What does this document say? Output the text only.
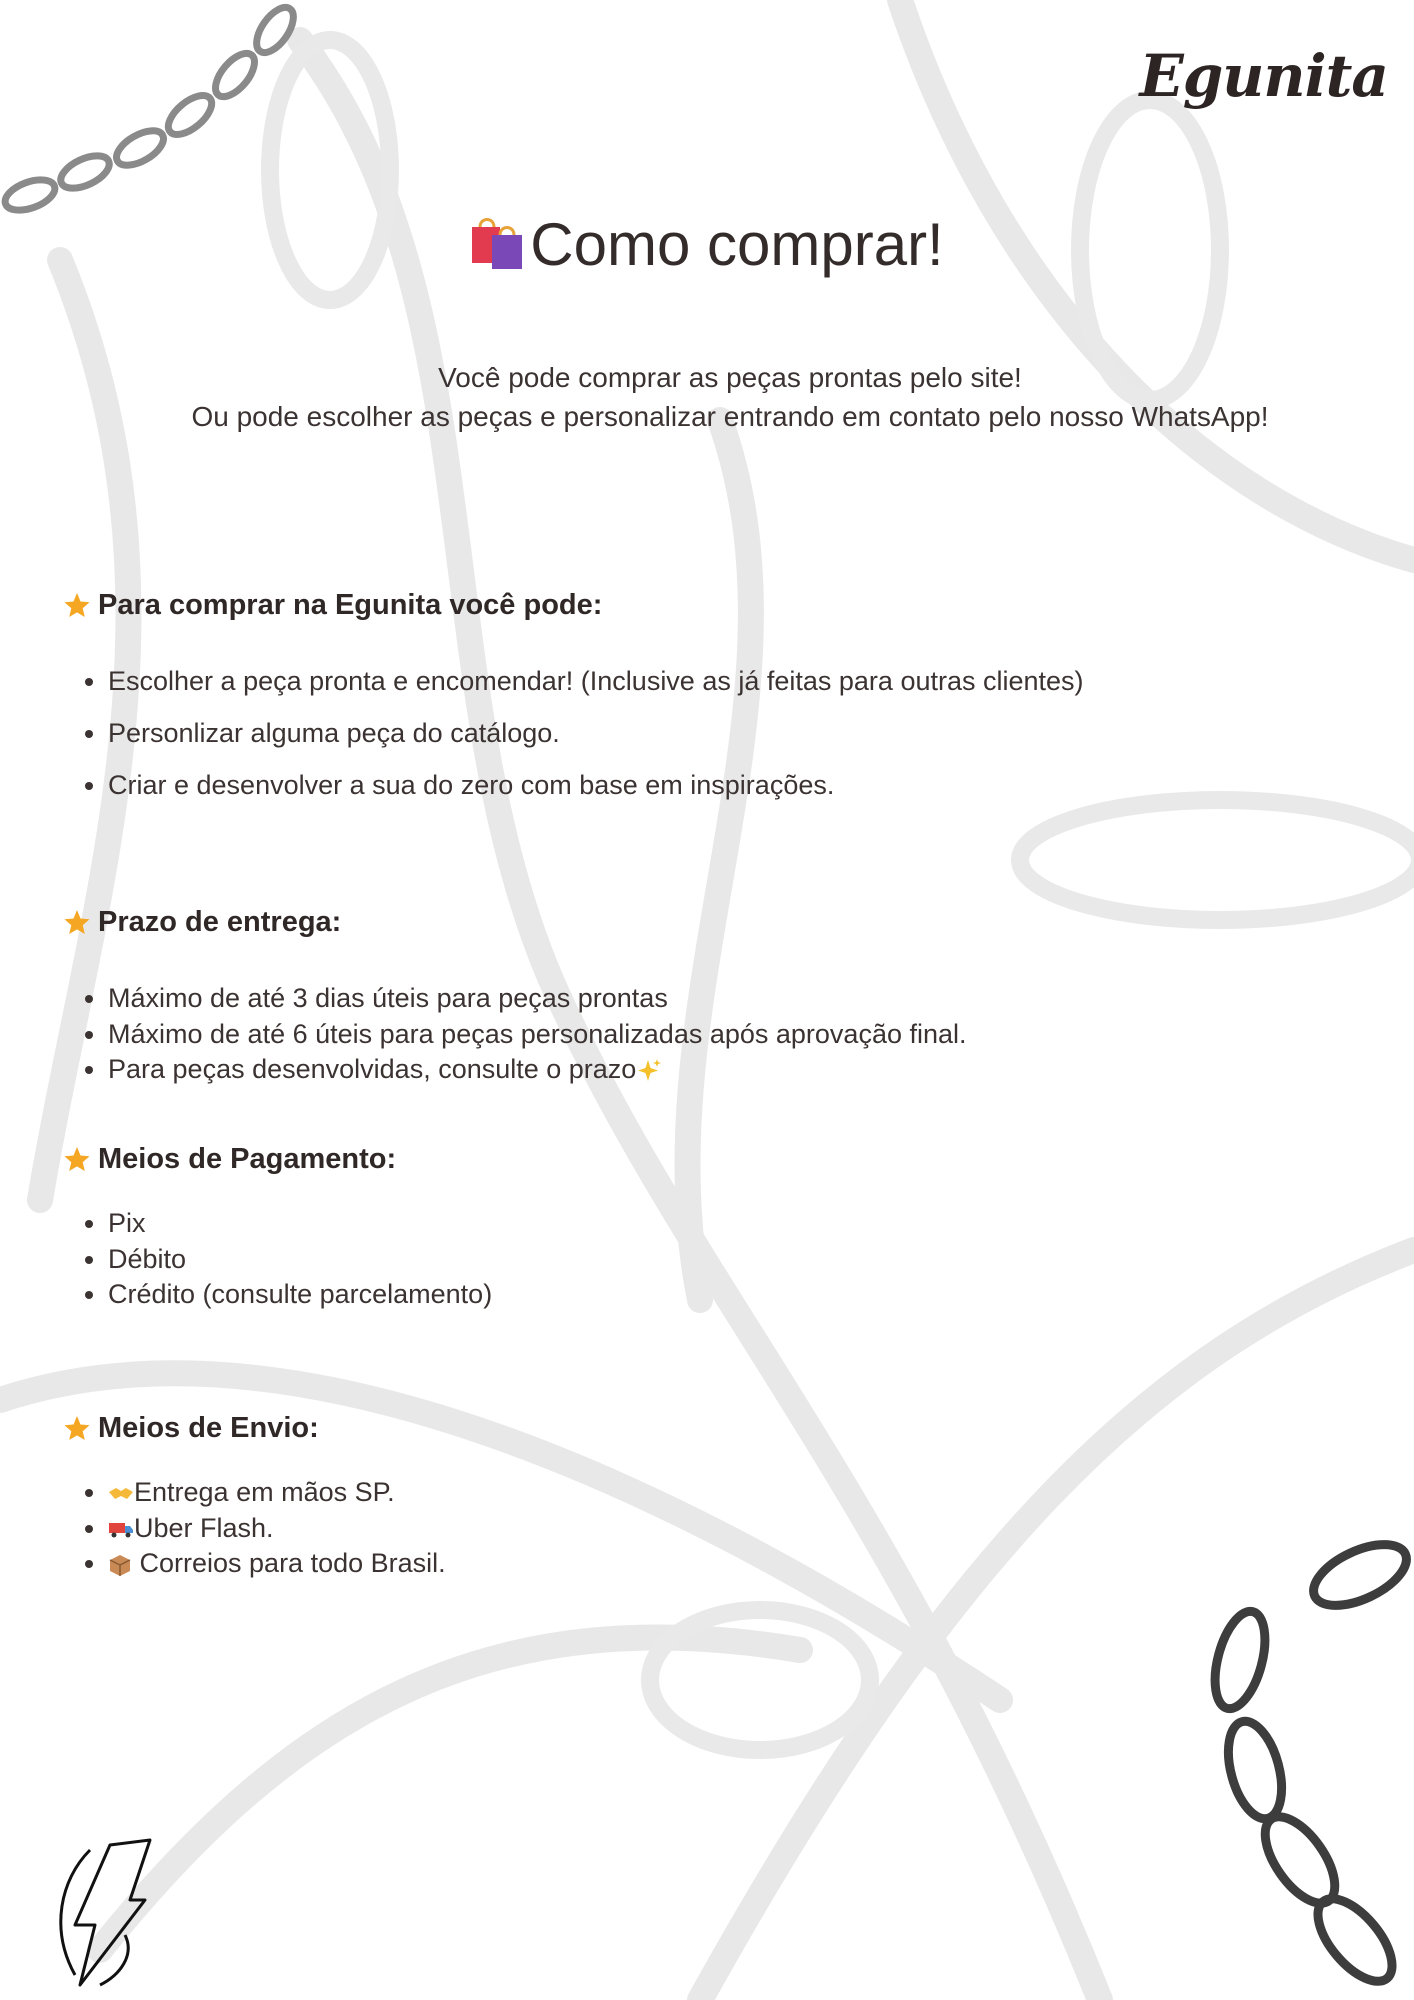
Egunita
Como comprar!
Você pode comprar as peças prontas pelo site!
Ou pode escolher as peças e personalizar entrando em contato pelo nosso WhatsApp!
Para comprar na Egunita você pode:
• Escolher a peça pronta e encomendar! (Inclusive as já feitas para outras clientes)
• Personlizar alguma peça do catálogo.
• Criar e desenvolver a sua do zero com base em inspirações.
Prazo de entrega:
• Máximo de até 3 dias úteis para peças prontas
• Máximo de até 6 úteis para peças personalizadas após aprovação final.
• Para peças desenvolvidas, consulte o prazo
Meios de Pagamento:
• Pix
• Débito
• Crédito (consulte parcelamento)
Meios de Envio:
• Entrega em mãos SP.
• Uber Flash.
• Correios para todo Brasil.
